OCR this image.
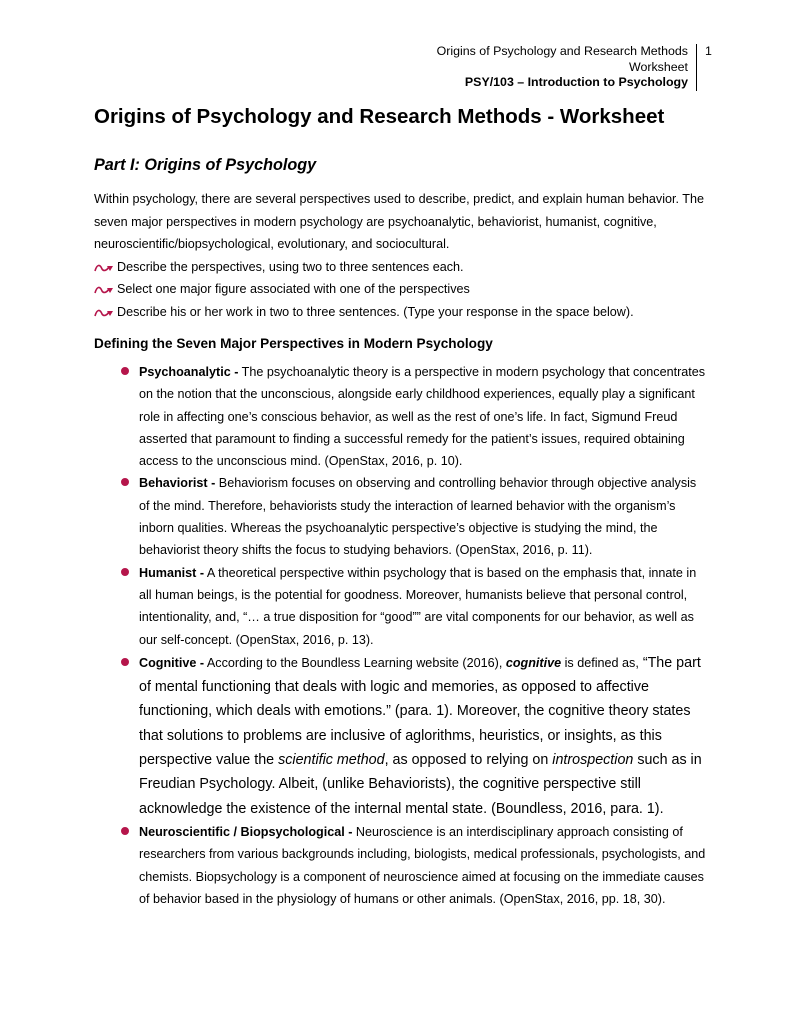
Origins of Psychology and Research Methods
Worksheet
PSY/103 – Introduction to Psychology
1
Origins of Psychology and Research Methods - Worksheet
Part I: Origins of Psychology

Within psychology, there are several perspectives used to describe, predict, and explain human behavior. The seven major perspectives in modern psychology are psychoanalytic, behaviorist, humanist, cognitive, neuroscientific/biopsychological, evolutionary, and sociocultural.

Describe the perspectives, using two to three sentences each.
Select one major figure associated with one of the perspectives
Describe his or her work in two to three sentences. (Type your response in the space below).
Defining the Seven Major Perspectives in Modern Psychology
Psychoanalytic - The psychoanalytic theory is a perspective in modern psychology that concentrates on the notion that the unconscious, alongside early childhood experiences, equally play a significant role in affecting one’s conscious behavior, as well as the rest of one’s life. In fact, Sigmund Freud asserted that paramount to finding a successful remedy for the patient’s issues, required obtaining access to the unconscious mind. (OpenStax, 2016, p. 10).
Behaviorist - Behaviorism focuses on observing and controlling behavior through objective analysis of the mind. Therefore, behaviorists study the interaction of learned behavior with the organism’s inborn qualities. Whereas the psychoanalytic perspective’s objective is studying the mind, the behaviorist theory shifts the focus to studying behaviors. (OpenStax, 2016, p. 11).
Humanist - A theoretical perspective within psychology that is based on the emphasis that, innate in all human beings, is the potential for goodness. Moreover, humanists believe that personal control, intentionality, and, “… a true disposition for “good”” are vital components for our behavior, as well as our self-concept. (OpenStax, 2016, p. 13).
Cognitive - According to the Boundless Learning website (2016), cognitive is defined as, “The part of mental functioning that deals with logic and memories, as opposed to affective functioning, which deals with emotions.” (para. 1). Moreover, the cognitive theory states that solutions to problems are inclusive of aglorithms, heuristics, or insights, as this perspective value the scientific method, as opposed to relying on introspection such as in Freudian Psychology. Albeit, (unlike Behaviorists), the cognitive perspective still acknowledge the existence of the internal mental state. (Boundless, 2016, para. 1).
Neuroscientific / Biopsychological - Neuroscience is an interdisciplinary approach consisting of researchers from various backgrounds including, biologists, medical professionals, psychologists, and chemists. Biopsychology is a component of neuroscience aimed at focusing on the immediate causes of behavior based in the physiology of humans or other animals. (OpenStax, 2016, pp. 18, 30).
